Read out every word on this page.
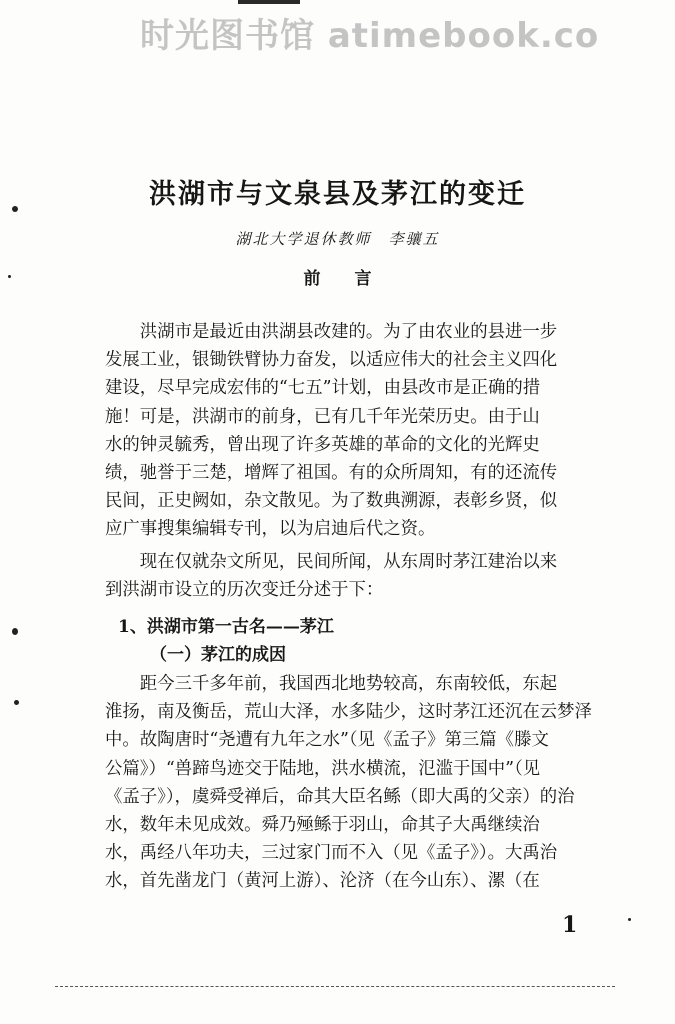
时光图书馆 atimebook.co
洪湖市与文泉县及茅江的变迁
湖北大学退休教师　李骧五
前言
　　洪湖市是最近由洪湖县改建的。为了由农业的县进一步
发展工业，银锄铁臂协力奋发，以适应伟大的社会主义四化
建设，尽早完成宏伟的“七五”计划，由县改市是正确的措
施！可是，洪湖市的前身，已有几千年光荣历史。由于山
水的钟灵毓秀，曾出现了许多英雄的革命的文化的光辉史
绩，驰誉于三楚，增辉了祖国。有的众所周知，有的还流传
民间，正史阙如，杂文散见。为了数典溯源，表彰乡贤，似
应广事搜集编辑专刊，以为启迪后代之资。
　　现在仅就杂文所见，民间所闻，从东周时茅江建治以来
到洪湖市设立的历次变迁分述于下：
1、洪湖市第一古名——茅江
（一）茅江的成因
　　距今三千多年前，我国西北地势较高，东南较低，东起
淮扬，南及衡岳，荒山大泽，水多陆少，这时茅江还沉在云梦泽
中。故陶唐时“尧遭有九年之水”（见《孟子》第三篇《滕文
公篇》）“兽蹄鸟迹交于陆地，洪水横流，氾滥于国中”（见
《孟子》），虞舜受禅后，命其大臣名鲧（即大禹的父亲）的治
水，数年未见成效。舜乃殛鲧于羽山，命其子大禹继续治
水，禹经八年功夫，三过家门而不入（见《孟子》）。大禹治
水，首先凿龙门（黄河上游）、沦济（在今山东）、漯（在
1
